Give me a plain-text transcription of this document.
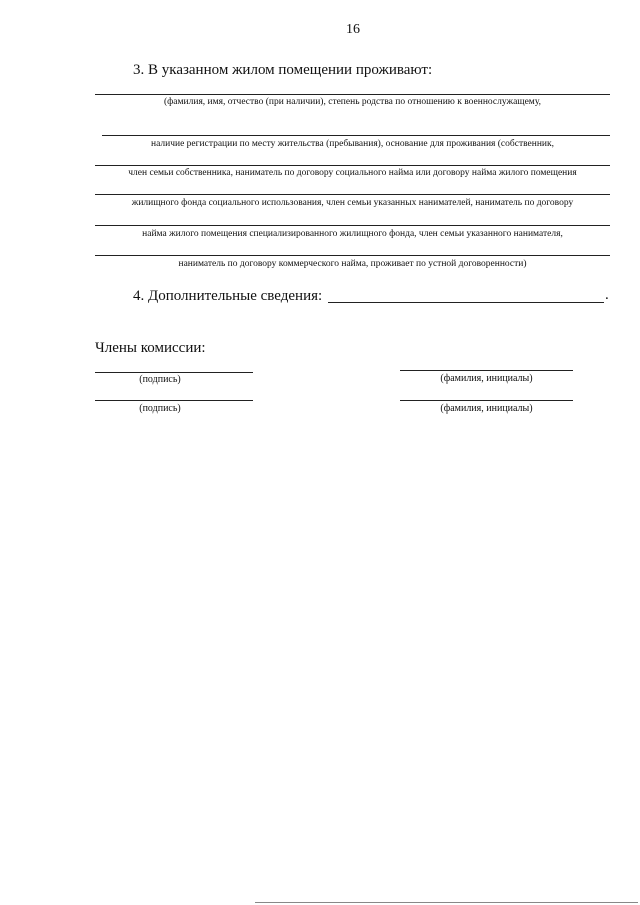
16
3. В указанном жилом помещении проживают:
(фамилия, имя, отчество (при наличии), степень родства по отношению к военнослужащему,
наличие регистрации по месту жительства (пребывания), основание для проживания (собственник,
член семьи собственника, наниматель по договору социального найма или договору найма жилого помещения
жилищного фонда социального использования, член семьи указанных нанимателей, наниматель по договору
найма жилого помещения специализированного жилищного фонда, член семьи указанного нанимателя,
наниматель по договору коммерческого найма, проживает по устной договоренности)
4. Дополнительные сведения:	.
Члены комиссии:
(подпись)	(фамилия, инициалы)
(подпись)	(фамилия, инициалы)
